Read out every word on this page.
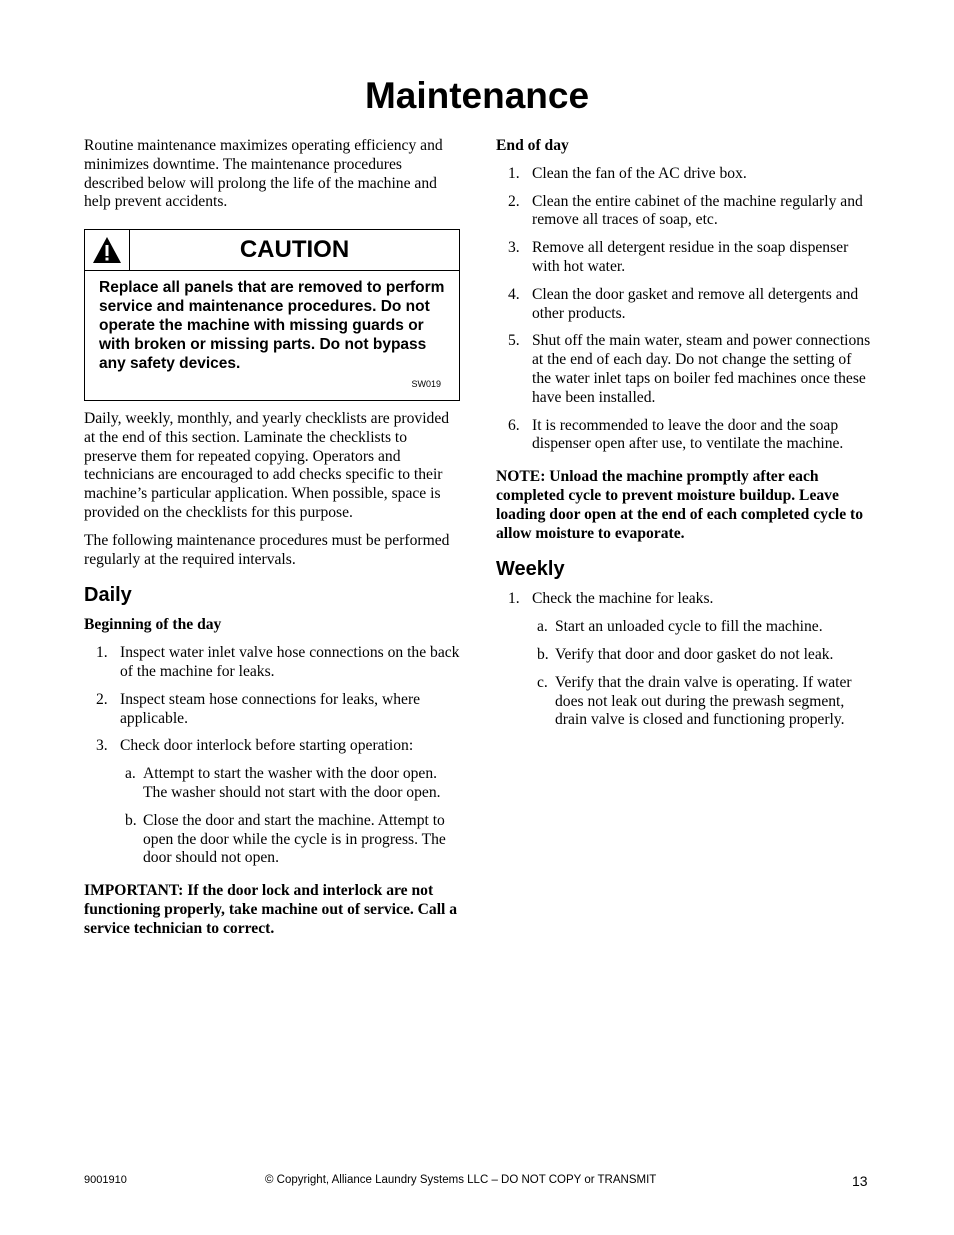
Maintenance

Routine maintenance maximizes operating efficiency and minimizes downtime. The maintenance procedures described below will prolong the life of the machine and help prevent accidents.

CAUTION
Replace all panels that are removed to perform service and maintenance procedures. Do not operate the machine with missing guards or with broken or missing parts. Do not bypass any safety devices.
SW019

Daily, weekly, monthly, and yearly checklists are provided at the end of this section. Laminate the checklists to preserve them for repeated copying. Operators and technicians are encouraged to add checks specific to their machine’s particular application. When possible, space is provided on the checklists for this purpose.

The following maintenance procedures must be performed regularly at the required intervals.

Daily
Beginning of the day
1. Inspect water inlet valve hose connections on the back of the machine for leaks.
2. Inspect steam hose connections for leaks, where applicable.
3. Check door interlock before starting operation:
a. Attempt to start the washer with the door open. The washer should not start with the door open.
b. Close the door and start the machine. Attempt to open the door while the cycle is in progress. The door should not open.

IMPORTANT: If the door lock and interlock are not functioning properly, take machine out of service. Call a service technician to correct.

End of day
1. Clean the fan of the AC drive box.
2. Clean the entire cabinet of the machine regularly and remove all traces of soap, etc.
3. Remove all detergent residue in the soap dispenser with hot water.
4. Clean the door gasket and remove all detergents and other products.
5. Shut off the main water, steam and power connections at the end of each day. Do not change the setting of the water inlet taps on boiler fed machines once these have been installed.
6. It is recommended to leave the door and the soap dispenser open after use, to ventilate the machine.

NOTE: Unload the machine promptly after each completed cycle to prevent moisture buildup. Leave loading door open at the end of each completed cycle to allow moisture to evaporate.

Weekly
1. Check the machine for leaks.
a. Start an unloaded cycle to fill the machine.
b. Verify that door and door gasket do not leak.
c. Verify that the drain valve is operating. If water does not leak out during the prewash segment, drain valve is closed and functioning properly.
9001910	© Copyright, Alliance Laundry Systems LLC – DO NOT COPY or TRANSMIT	13
